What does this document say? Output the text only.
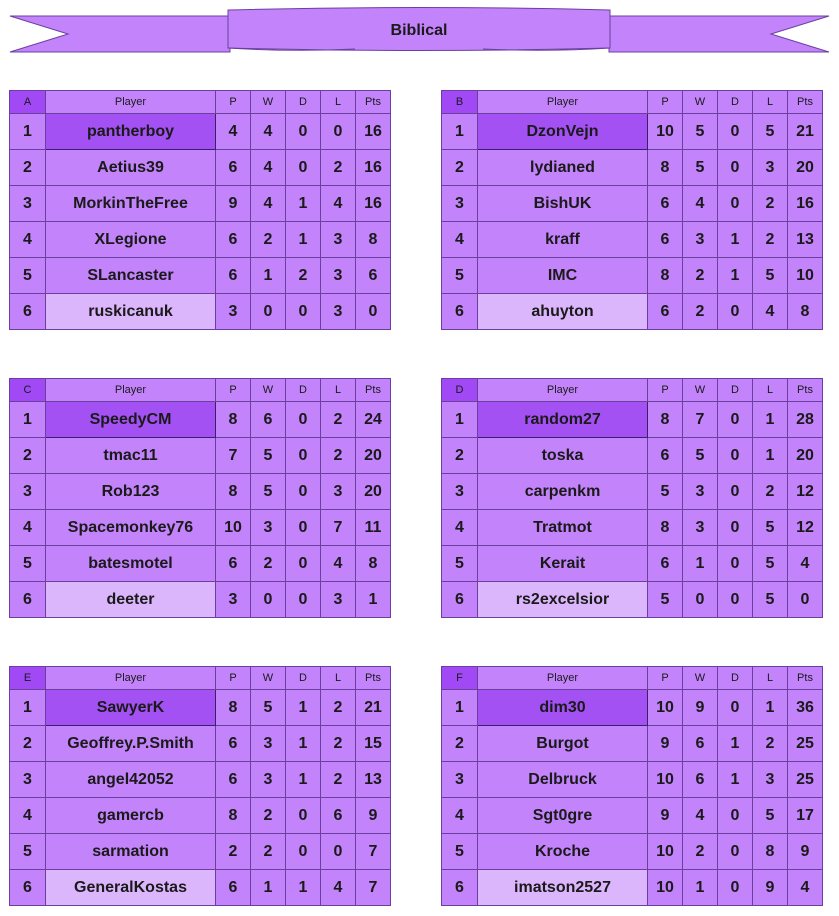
Biblical
A	Player	P	W	D	L	Pts
1	pantherboy	4	4	0	0	16
2	Aetius39	6	4	0	2	16
3	MorkinTheFree	9	4	1	4	16
4	XLegione	6	2	1	3	8
5	SLancaster	6	1	2	3	6
6	ruskicanuk	3	0	0	3	0
B	Player	P	W	D	L	Pts
1	DzonVejn	10	5	0	5	21
2	lydianed	8	5	0	3	20
3	BishUK	6	4	0	2	16
4	kraff	6	3	1	2	13
5	IMC	8	2	1	5	10
6	ahuyton	6	2	0	4	8
C	Player	P	W	D	L	Pts
1	SpeedyCM	8	6	0	2	24
2	tmac11	7	5	0	2	20
3	Rob123	8	5	0	3	20
4	Spacemonkey76	10	3	0	7	11
5	batesmotel	6	2	0	4	8
6	deeter	3	0	0	3	1
D	Player	P	W	D	L	Pts
1	random27	8	7	0	1	28
2	toska	6	5	0	1	20
3	carpenkm	5	3	0	2	12
4	Tratmot	8	3	0	5	12
5	Kerait	6	1	0	5	4
6	rs2excelsior	5	0	0	5	0
E	Player	P	W	D	L	Pts
1	SawyerK	8	5	1	2	21
2	Geoffrey.P.Smith	6	3	1	2	15
3	angel42052	6	3	1	2	13
4	gamercb	8	2	0	6	9
5	sarmation	2	2	0	0	7
6	GeneralKostas	6	1	1	4	7
F	Player	P	W	D	L	Pts
1	dim30	10	9	0	1	36
2	Burgot	9	6	1	2	25
3	Delbruck	10	6	1	3	25
4	Sgt0gre	9	4	0	5	17
5	Kroche	10	2	0	8	9
6	imatson2527	10	1	0	9	4
